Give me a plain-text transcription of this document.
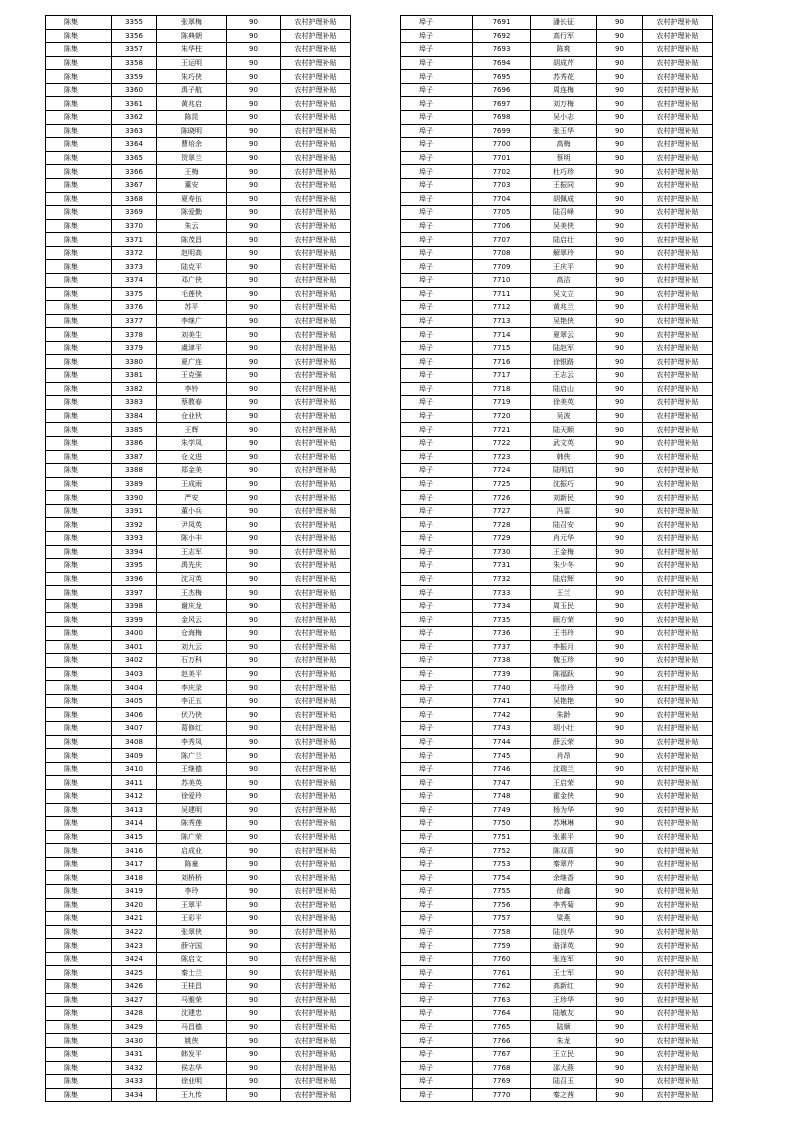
陈集	3355	张翠梅	90	农村护理补贴
陈集	3356	陈典朝	90	农村护理补贴
陈集	3357	朱华柱	90	农村护理补贴
陈集	3358	王运明	90	农村护理补贴
陈集	3359	朱巧侠	90	农村护理补贴
陈集	3360	禹子航	90	农村护理补贴
陈集	3361	黄兆启	90	农村护理补贴
陈集	3362	陈昆	90	农村护理补贴
陈集	3363	陈晓明	90	农村护理补贴
陈集	3364	曹培余	90	农村护理补贴
陈集	3365	贺翠兰	90	农村护理补贴
陈集	3366	王梅	90	农村护理补贴
陈集	3367	董安	90	农村护理补贴
陈集	3368	夏寿伍	90	农村护理补贴
陈集	3369	陈爱勤	90	农村护理补贴
陈集	3370	朱云	90	农村护理补贴
陈集	3371	陈茂昌	90	农村护理补贴
陈集	3372	赵明高	90	农村护理补贴
陈集	3373	陆克平	90	农村护理补贴
陈集	3374	邓广侠	90	农村护理补贴
陈集	3375	毛莲侠	90	农村护理补贴
陈集	3376	苏平	90	农村护理补贴
陈集	3377	李继广	90	农村护理补贴
陈集	3378	刘美生	90	农村护理补贴
陈集	3379	虞津平	90	农村护理补贴
陈集	3380	夏广连	90	农村护理补贴
陈集	3381	王克强	90	农村护理补贴
陈集	3382	李铃	90	农村护理补贴
陈集	3383	蔡教春	90	农村护理补贴
陈集	3384	仓业伙	90	农村护理补贴
陈集	3385	王辉	90	农村护理补贴
陈集	3386	朱学凤	90	农村护理补贴
陈集	3387	仓义进	90	农村护理补贴
陈集	3388	郑金美	90	农村护理补贴
陈集	3389	王成雨	90	农村护理补贴
陈集	3390	严安	90	农村护理补贴
陈集	3391	董小兵	90	农村护理补贴
陈集	3392	尹凤英	90	农村护理补贴
陈集	3393	陈小丰	90	农村护理补贴
陈集	3394	王志军	90	农村护理补贴
陈集	3395	禹先庆	90	农村护理补贴
陈集	3396	沈习英	90	农村护理补贴
陈集	3397	王杰梅	90	农村护理补贴
陈集	3398	谢庆龙	90	农村护理补贴
陈集	3399	金风云	90	农村护理补贴
陈集	3400	仓海梅	90	农村护理补贴
陈集	3401	刘九云	90	农村护理补贴
陈集	3402	石万科	90	农村护理补贴
陈集	3403	赵美平	90	农村护理补贴
陈集	3404	李庆录	90	农村护理补贴
陈集	3405	李正五	90	农村护理补贴
陈集	3406	伏乃侠	90	农村护理补贴
陈集	3407	葛修红	90	农村护理补贴
陈集	3408	李秀凤	90	农村护理补贴
陈集	3409	陈广兰	90	农村护理补贴
陈集	3410	王继德	90	农村护理补贴
陈集	3411	苏美英	90	农村护理补贴
陈集	3412	徐爱玲	90	农村护理补贴
陈集	3413	吴建明	90	农村护理补贴
陈集	3414	陈秀莲	90	农村护理补贴
陈集	3415	陈广荣	90	农村护理补贴
陈集	3416	启成业	90	农村护理补贴
陈集	3417	陈童	90	农村护理补贴
陈集	3418	刘桥桥	90	农村护理补贴
陈集	3419	李玲	90	农村护理补贴
陈集	3420	王翠平	90	农村护理补贴
陈集	3421	王彩平	90	农村护理补贴
陈集	3422	张翠侠	90	农村护理补贴
陈集	3423	薛守国	90	农村护理补贴
陈集	3424	陈启文	90	农村护理补贴
陈集	3425	秦士兰	90	农村护理补贴
陈集	3426	王桂昌	90	农村护理补贴
陈集	3427	马雅荣	90	农村护理补贴
陈集	3428	沈建忠	90	农村护理补贴
陈集	3429	马昌德	90	农村护理补贴
陈集	3430	姚侠	90	农村护理补贴
陈集	3431	韩发平	90	农村护理补贴
陈集	3432	侯志华	90	农村护理补贴
陈集	3433	徐业明	90	农村护理补贴
陈集	3434	王九传	90	农村护理补贴
埠子	7691	潘长征	90	农村护理补贴
埠子	7692	高行军	90	农村护理补贴
埠子	7693	陈爽	90	农村护理补贴
埠子	7694	胡成芹	90	农村护理补贴
埠子	7695	苏秀花	90	农村护理补贴
埠子	7696	周连梅	90	农村护理补贴
埠子	7697	刘万梅	90	农村护理补贴
埠子	7698	吴小志	90	农村护理补贴
埠子	7699	张玉华	90	农村护理补贴
埠子	7700	高梅	90	农村护理补贴
埠子	7701	蔡明	90	农村护理补贴
埠子	7702	杜巧珍	90	农村护理补贴
埠子	7703	王振同	90	农村护理补贴
埠子	7704	胡佩成	90	农村护理补贴
埠子	7705	陆召峰	90	农村护理补贴
埠子	7706	吴美侠	90	农村护理补贴
埠子	7707	陆启壮	90	农村护理补贴
埠子	7708	解翠玲	90	农村护理补贴
埠子	7709	王庆平	90	农村护理补贴
埠子	7710	高洁	90	农村护理补贴
埠子	7711	吴文立	90	农村护理补贴
埠子	7712	黄兆兰	90	农村护理补贴
埠子	7713	吴艳侠	90	农村护理补贴
埠子	7714	夏翠云	90	农村护理补贴
埠子	7715	陆赵军	90	农村护理补贴
埠子	7716	徐银路	90	农村护理补贴
埠子	7717	王志云	90	农村护理补贴
埠子	7718	陆启山	90	农村护理补贴
埠子	7719	徐美英	90	农村护理补贴
埠子	7720	吴波	90	农村护理补贴
埠子	7721	陆天顺	90	农村护理补贴
埠子	7722	武文英	90	农村护理补贴
埠子	7723	韩侠	90	农村护理补贴
埠子	7724	陆明启	90	农村护理补贴
埠子	7725	沈振巧	90	农村护理补贴
埠子	7726	刘新民	90	农村护理补贴
埠子	7727	冯雷	90	农村护理补贴
埠子	7728	陆召安	90	农村护理补贴
埠子	7729	肖元华	90	农村护理补贴
埠子	7730	王金梅	90	农村护理补贴
埠子	7731	朱少冬	90	农村护理补贴
埠子	7732	陆启辉	90	农村护理补贴
埠子	7733	王兰	90	农村护理补贴
埠子	7734	周玉民	90	农村护理补贴
埠子	7735	顾方荣	90	农村护理补贴
埠子	7736	王书玲	90	农村护理补贴
埠子	7737	李振月	90	农村护理补贴
埠子	7738	魏玉珍	90	农村护理补贴
埠子	7739	陈福跃	90	农村护理补贴
埠子	7740	马崇玲	90	农村护理补贴
埠子	7741	吴艳艳	90	农村护理补贴
埠子	7742	朱龄	90	农村护理补贴
埠子	7743	胡小壮	90	农村护理补贴
埠子	7744	薛云荣	90	农村护理补贴
埠子	7745	肖昂	90	农村护理补贴
埠子	7746	沈瑞兰	90	农村护理补贴
埠子	7747	王启荣	90	农村护理补贴
埠子	7748	霍金侠	90	农村护理补贴
埠子	7749	杨为华	90	农村护理补贴
埠子	7750	苏琳琳	90	农村护理补贴
埠子	7751	张素平	90	农村护理补贴
埠子	7752	陈双喜	90	农村护理补贴
埠子	7753	秦翠芹	90	农村护理补贴
埠子	7754	余继香	90	农村护理补贴
埠子	7755	徐鑫	90	农村护理补贴
埠子	7756	李秀菊	90	农村护理补贴
埠子	7757	梁燕	90	农村护理补贴
埠子	7758	陆良华	90	农村护理补贴
埠子	7759	骆泽英	90	农村护理补贴
埠子	7760	张连军	90	农村护理补贴
埠子	7761	王士军	90	农村护理补贴
埠子	7762	高新红	90	农村护理补贴
埠子	7763	王珍华	90	农村护理补贴
埠子	7764	陆敏友	90	农村护理补贴
埠子	7765	陆顺	90	农村护理补贴
埠子	7766	朱龙	90	农村护理补贴
埠子	7767	王立民	90	农村护理补贴
埠子	7768	邵大燕	90	农村护理补贴
埠子	7769	陆召玉	90	农村护理补贴
埠子	7770	秦之茜	90	农村护理补贴
